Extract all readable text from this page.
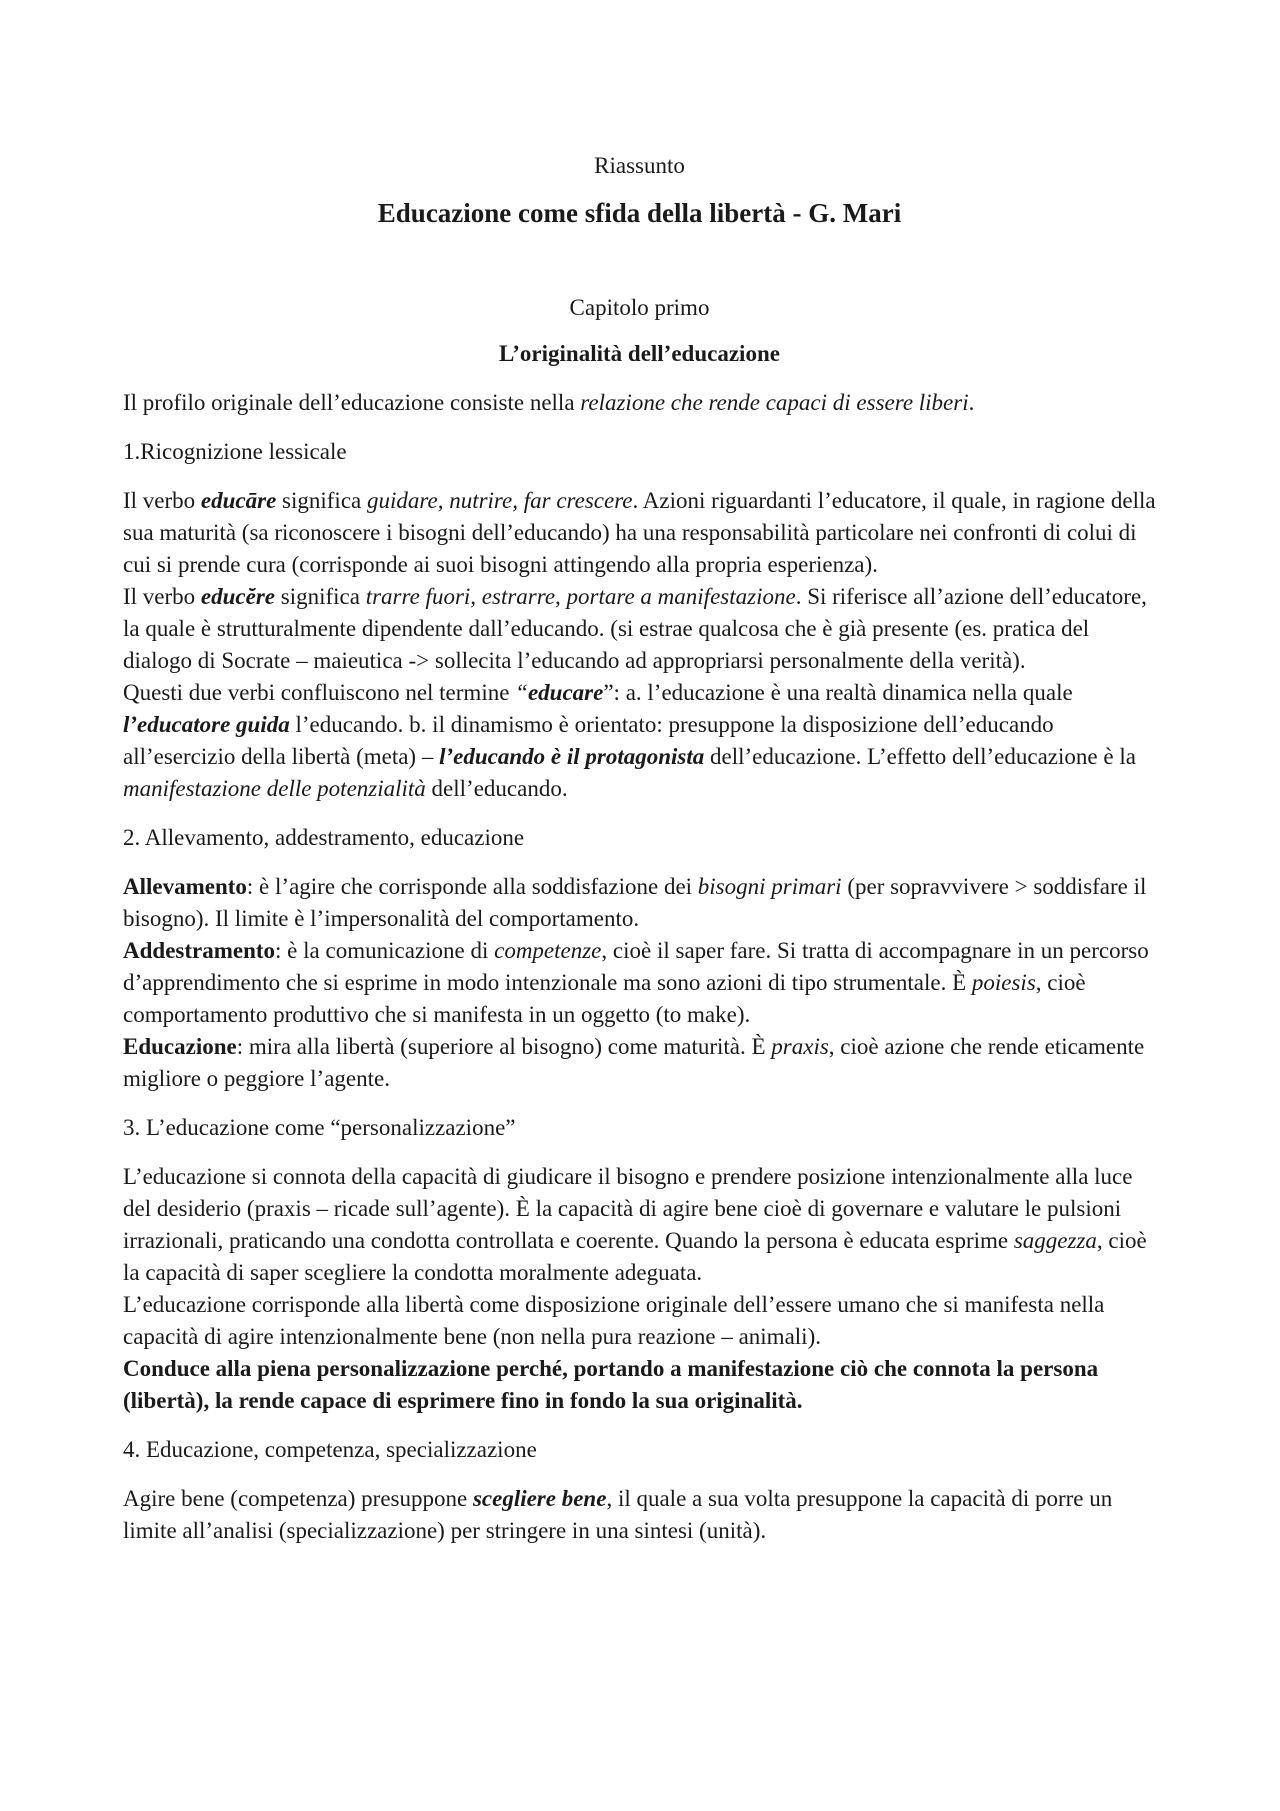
Riassunto
Educazione come sfida della libertà - G. Mari
Capitolo primo
L’originalità dell’educazione

Il profilo originale dell’educazione consiste nella relazione che rende capaci di essere liberi.

1.Ricognizione lessicale

Il verbo educāre significa guidare, nutrire, far crescere. Azioni riguardanti l’educatore, il quale, in ragione della sua maturità (sa riconoscere i bisogni dell’educando) ha una responsabilità particolare nei confronti di colui di cui si prende cura (corrisponde ai suoi bisogni attingendo alla propria esperienza).

Il verbo educĕre significa trarre fuori, estrarre, portare a manifestazione. Si riferisce all’azione dell’educatore, la quale è strutturalmente dipendente dall’educando. (si estrae qualcosa che è già presente (es. pratica del dialogo di Socrate – maieutica -> sollecita l’educando ad appropriarsi personalmente della verità).

Questi due verbi confluiscono nel termine “educare”: a. l’educazione è una realtà dinamica nella quale l’educatore guida l’educando. b. il dinamismo è orientato: presuppone la disposizione dell’educando all’esercizio della libertà (meta) – l’educando è il protagonista dell’educazione. L’effetto dell’educazione è la manifestazione delle potenzialità dell’educando.

2. Allevamento, addestramento, educazione

Allevamento: è l’agire che corrisponde alla soddisfazione dei bisogni primari (per sopravvivere > soddisfare il bisogno). Il limite è l’impersonalità del comportamento.

Addestramento: è la comunicazione di competenze, cioè il saper fare. Si tratta di accompagnare in un percorso d’apprendimento che si esprime in modo intenzionale ma sono azioni di tipo strumentale. È poiesis, cioè comportamento produttivo che si manifesta in un oggetto (to make).

Educazione: mira alla libertà (superiore al bisogno) come maturità. È praxis, cioè azione che rende eticamente migliore o peggiore l’agente.

3. L’educazione come “personalizzazione”

L’educazione si connota della capacità di giudicare il bisogno e prendere posizione intenzionalmente alla luce del desiderio (praxis – ricade sull’agente). È la capacità di agire bene cioè di governare e valutare le pulsioni irrazionali, praticando una condotta controllata e coerente. Quando la persona è educata esprime saggezza, cioè la capacità di saper scegliere la condotta moralmente adeguata.

L’educazione corrisponde alla libertà come disposizione originale dell’essere umano che si manifesta nella capacità di agire intenzionalmente bene (non nella pura reazione – animali).

Conduce alla piena personalizzazione perché, portando a manifestazione ciò che connota la persona (libertà), la rende capace di esprimere fino in fondo la sua originalità.

4. Educazione, competenza, specializzazione

Agire bene (competenza) presuppone scegliere bene, il quale a sua volta presuppone la capacità di porre un limite all’analisi (specializzazione) per stringere in una sintesi (unità).
